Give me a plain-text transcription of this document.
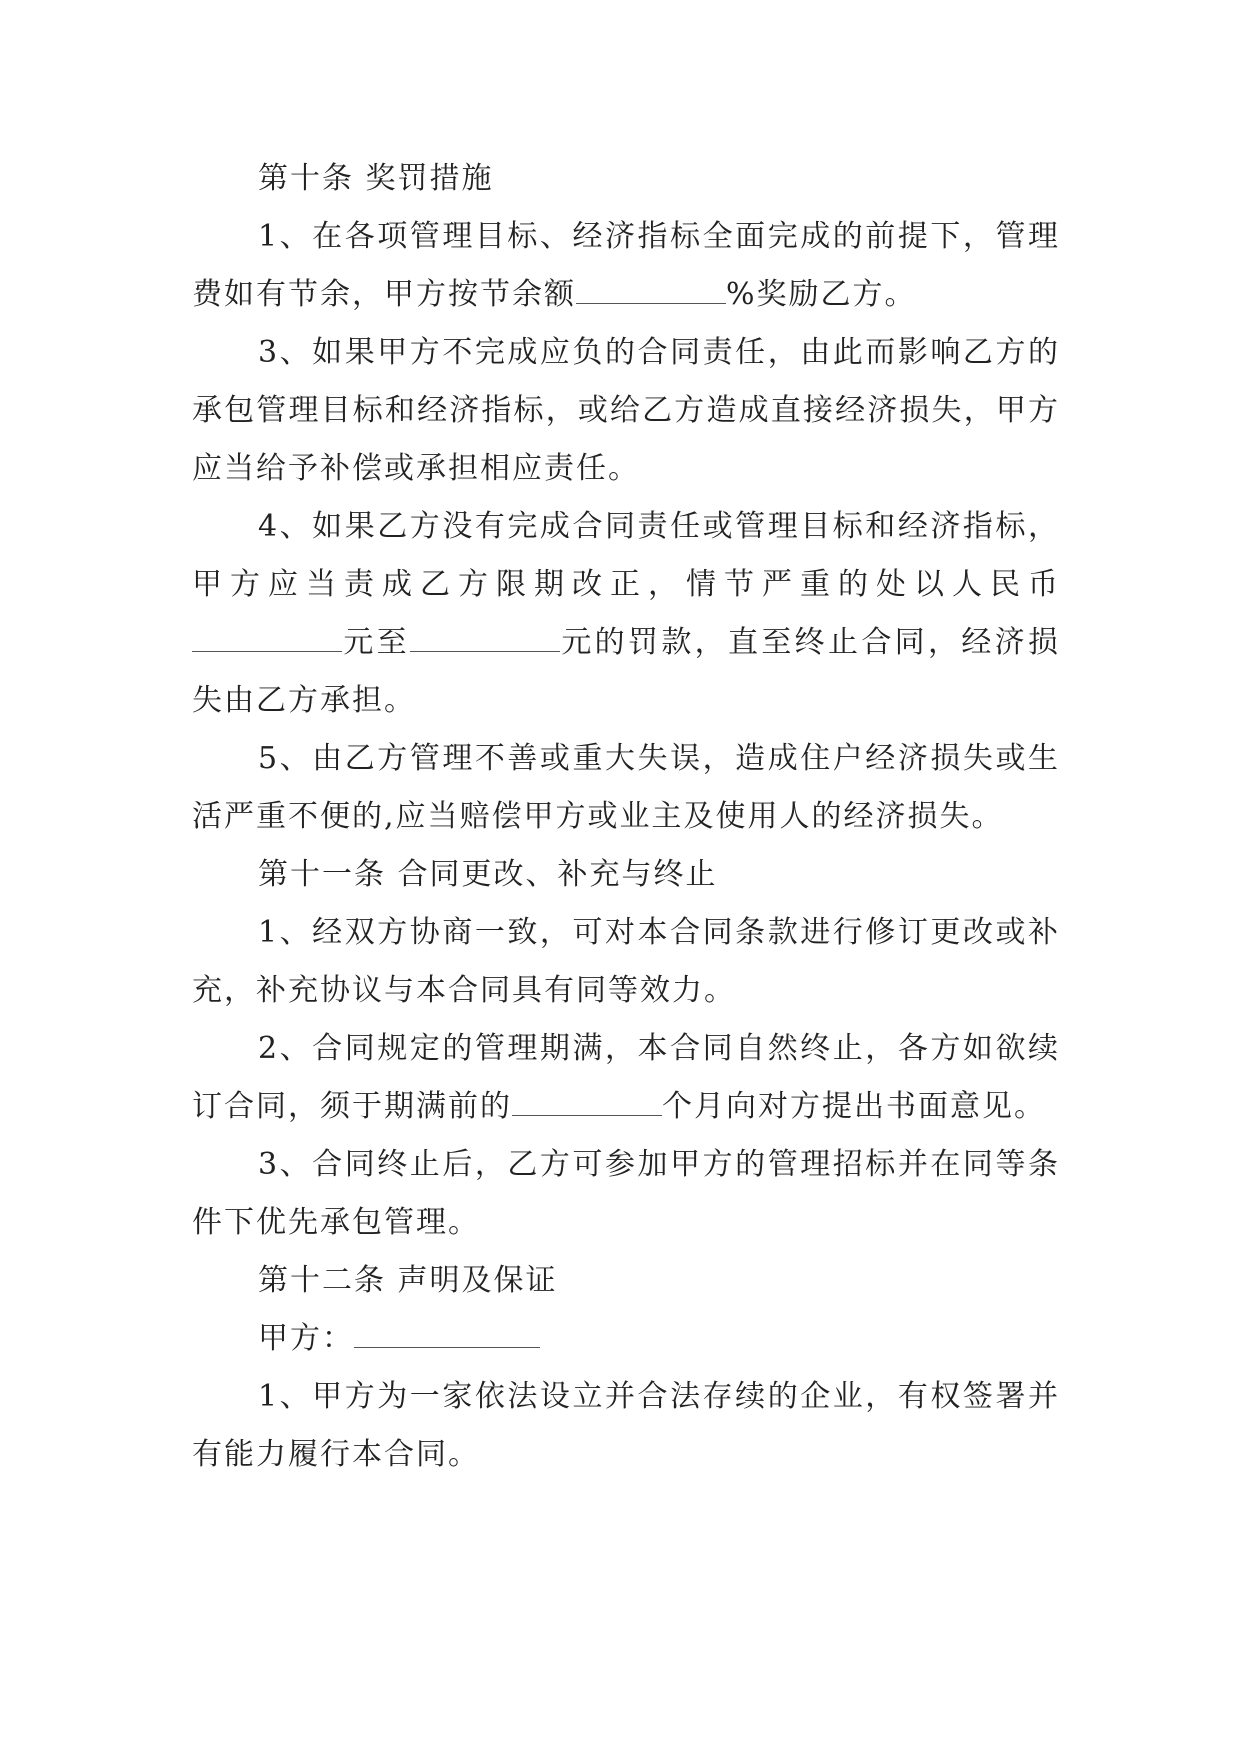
第十条 奖罚措施

1、在各项管理目标、经济指标全面完成的前提下，管理费如有节余，甲方按节余额	%奖励乙方。

3、如果甲方不完成应负的合同责任，由此而影响乙方的承包管理目标和经济指标，或给乙方造成直接经济损失，甲方应当给予补偿或承担相应责任。

4、如果乙方没有完成合同责任或管理目标和经济指标，甲方应当责成乙方限期改正，情节严重的处以人民币元至	元的罚款，直至终止合同，经济损失由乙方承担。

5、由乙方管理不善或重大失误，造成住户经济损失或生活严重不便的,应当赔偿甲方或业主及使用人的经济损失。

第十一条 合同更改、补充与终止

1、经双方协商一致，可对本合同条款进行修订更改或补充，补充协议与本合同具有同等效力。

2、合同规定的管理期满，本合同自然终止，各方如欲续订合同，须于期满前的	个月向对方提出书面意见。

3、合同终止后，乙方可参加甲方的管理招标并在同等条件下优先承包管理。

第十二条 声明及保证

甲方：

1、甲方为一家依法设立并合法存续的企业，有权签署并有能力履行本合同。
